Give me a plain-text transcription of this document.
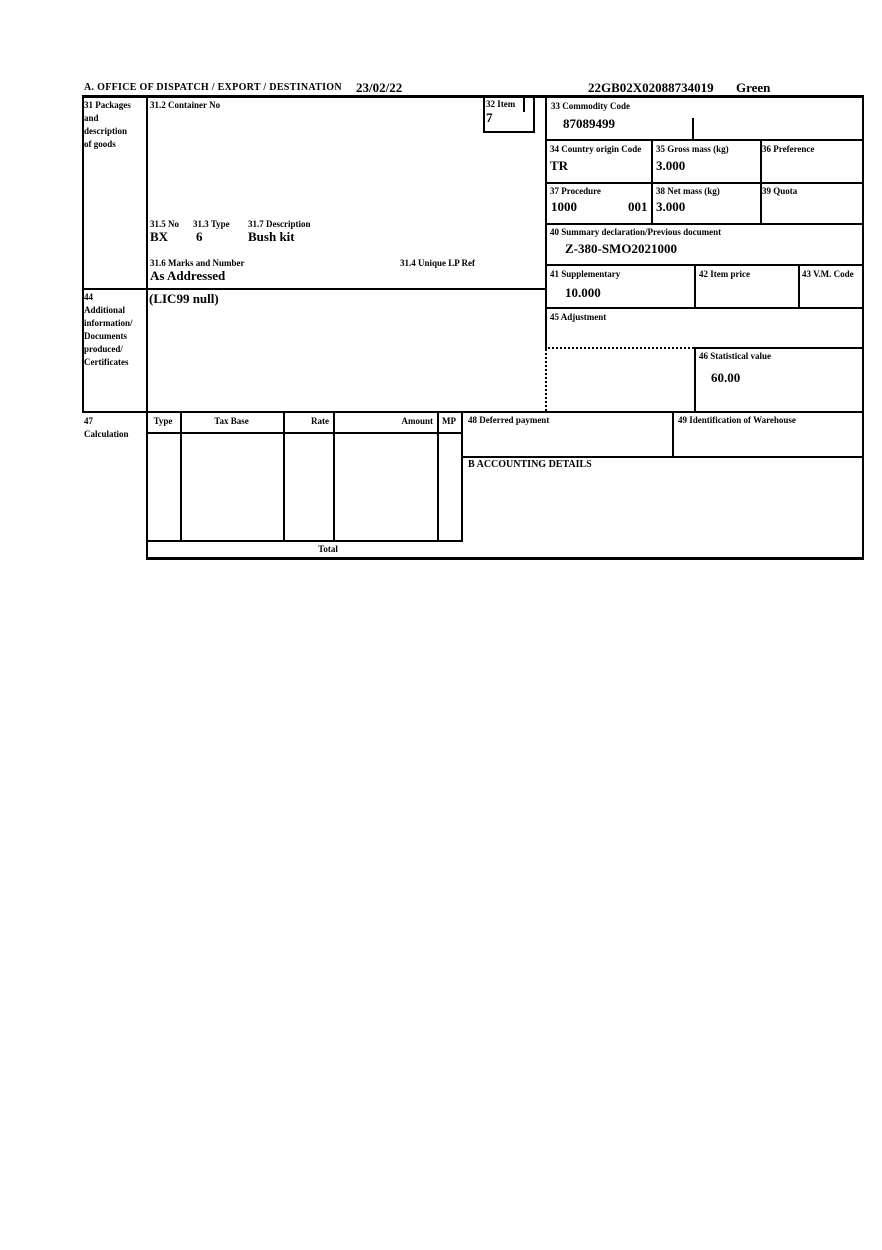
A. OFFICE OF DISPATCH / EXPORT / DESTINATION 23/02/22	22GB02X02088734019 Green
31 Packages
and
description
of goods
31.2 Container No	32 Item
7
33 Commodity Code
87089499
34 Country origin Code
TR
35 Gross mass (kg)
3.000
36 Preference
37 Procedure
1000	001
38 Net mass (kg)
3.000
39 Quota
40 Summary declaration/Previous document
Z-380-SMO2021000
41 Supplementary
10.000
42 Item price	43 V.M. Code
31.5 No 31.3 Type 31.7 Description
BX 6	Bush kit
31.6 Marks and Number	31.4 Unique LP Ref
As Addressed
44
Additional
information/
Documents
produced/
Certificates
(LIC99 null)
45 Adjustment
46 Statistical value
60.00
47
Calculation
Type	Tax Base	Rate	Amount	MP
Total
48 Deferred payment	49 Identification of Warehouse
B ACCOUNTING DETAILS
